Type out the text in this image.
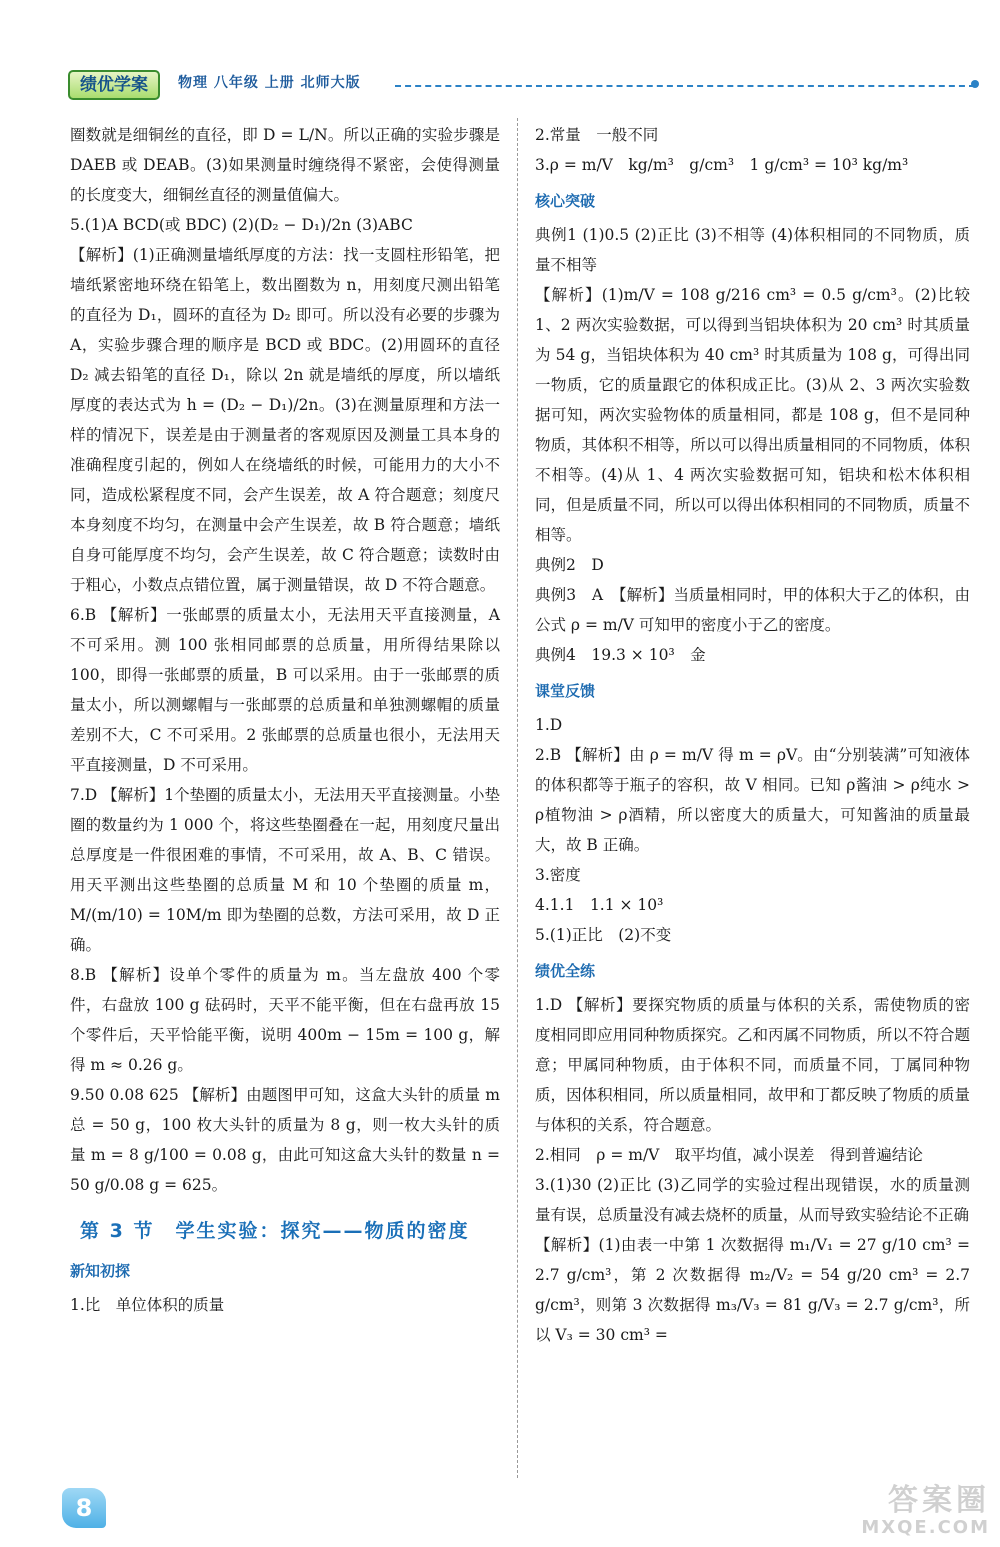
绩优学案	物理 八年级 上册 北师大版

圈数就是细铜丝的直径，即 D = L/N。所以正确的实验步骤是 DAEB 或 DEAB。(3)如果测量时缠绕得不紧密，会使得测量的长度变大，细铜丝直径的测量值偏大。

5.(1)A BCD(或 BDC) (2)(D₂ − D₁)/2n (3)ABC

【解析】(1)正确测量墙纸厚度的方法：找一支圆柱形铅笔，把墙纸紧密地环绕在铅笔上，数出圈数为 n，用刻度尺测出铅笔的直径为 D₁，圆环的直径为 D₂ 即可。所以没有必要的步骤为 A，实验步骤合理的顺序是 BCD 或 BDC。(2)用圆环的直径 D₂ 减去铅笔的直径 D₁，除以 2n 就是墙纸的厚度，所以墙纸厚度的表达式为 h = (D₂ − D₁)/2n。(3)在测量原理和方法一样的情况下，误差是由于测量者的客观原因及测量工具本身的准确程度引起的，例如人在绕墙纸的时候，可能用力的大小不同，造成松紧程度不同，会产生误差，故 A 符合题意；刻度尺本身刻度不均匀，在测量中会产生误差，故 B 符合题意；墙纸自身可能厚度不均匀，会产生误差，故 C 符合题意；读数时由于粗心，小数点点错位置，属于测量错误，故 D 不符合题意。

6.B 【解析】一张邮票的质量太小，无法用天平直接测量，A 不可采用。测 100 张相同邮票的总质量，用所得结果除以 100，即得一张邮票的质量，B 可以采用。由于一张邮票的质量太小，所以测螺帽与一张邮票的总质量和单独测螺帽的质量差别不大，C 不可采用。2 张邮票的总质量也很小，无法用天平直接测量，D 不可采用。

7.D 【解析】1个垫圈的质量太小，无法用天平直接测量。小垫圈的数量约为 1 000 个，将这些垫圈叠在一起，用刻度尺量出总厚度是一件很困难的事情，不可采用，故 A、B、C 错误。用天平测出这些垫圈的总质量 M 和 10 个垫圈的质量 m，M/(m/10) = 10M/m 即为垫圈的总数，方法可采用，故 D 正确。

8.B 【解析】设单个零件的质量为 m。当左盘放 400 个零件，右盘放 100 g 砝码时，天平不能平衡，但在右盘再放 15 个零件后，天平恰能平衡，说明 400m − 15m = 100 g，解得 m ≈ 0.26 g。

9.50 0.08 625 【解析】由题图甲可知，这盒大头针的质量 m总 = 50 g，100 枚大头针的质量为 8 g，则一枚大头针的质量 m = 8 g/100 = 0.08 g，由此可知这盒大头针的数量 n = 50 g/0.08 g = 625。

第 3 节　学生实验：探究——物质的密度
新知初探

1.比　单位体积的质量

2.常量　一般不同

3.ρ = m/V　kg/m³　g/cm³　1 g/cm³ = 10³ kg/m³

核心突破

典例1 (1)0.5 (2)正比 (3)不相等 (4)体积相同的不同物质，质量不相等

【解析】(1)m/V = 108 g/216 cm³ = 0.5 g/cm³。(2)比较 1、2 两次实验数据，可以得到当铝块体积为 20 cm³ 时其质量为 54 g，当铝块体积为 40 cm³ 时其质量为 108 g，可得出同一物质，它的质量跟它的体积成正比。(3)从 2、3 两次实验数据可知，两次实验物体的质量相同，都是 108 g，但不是同种物质，其体积不相等，所以可以得出质量相同的不同物质，体积不相等。(4)从 1、4 两次实验数据可知，铝块和松木体积相同，但是质量不同，所以可以得出体积相同的不同物质，质量不相等。

典例2　D

典例3　A　【解析】当质量相同时，甲的体积大于乙的体积，由公式 ρ = m/V 可知甲的密度小于乙的密度。

典例4　19.3 × 10³　金

课堂反馈

1.D

2.B 【解析】由 ρ = m/V 得 m = ρV。由“分别装满”可知液体的体积都等于瓶子的容积，故 V 相同。已知 ρ酱油 > ρ纯水 > ρ植物油 > ρ酒精，所以密度大的质量大，可知酱油的质量最大，故 B 正确。

3.密度

4.1.1　1.1 × 10³

5.(1)正比　(2)不变

绩优全练

1.D 【解析】要探究物质的质量与体积的关系，需使物质的密度相同即应用同种物质探究。乙和丙属不同物质，所以不符合题意；甲属同种物质，由于体积不同，而质量不同，丁属同种物质，因体积相同，所以质量相同，故甲和丁都反映了物质的质量与体积的关系，符合题意。

2.相同　ρ = m/V　取平均值，减小误差　得到普遍结论

3.(1)30 (2)正比 (3)乙同学的实验过程出现错误，水的质量测量有误，总质量没有减去烧杯的质量，从而导致实验结论不正确

【解析】(1)由表一中第 1 次数据得 m₁/V₁ = 27 g/10 cm³ = 2.7 g/cm³，第 2 次数据得 m₂/V₂ = 54 g/20 cm³ = 2.7 g/cm³，则第 3 次数据得 m₃/V₃ = 81 g/V₃ = 2.7 g/cm³，所以 V₃ = 30 cm³ =

8	答案圈
MXQE.COM
